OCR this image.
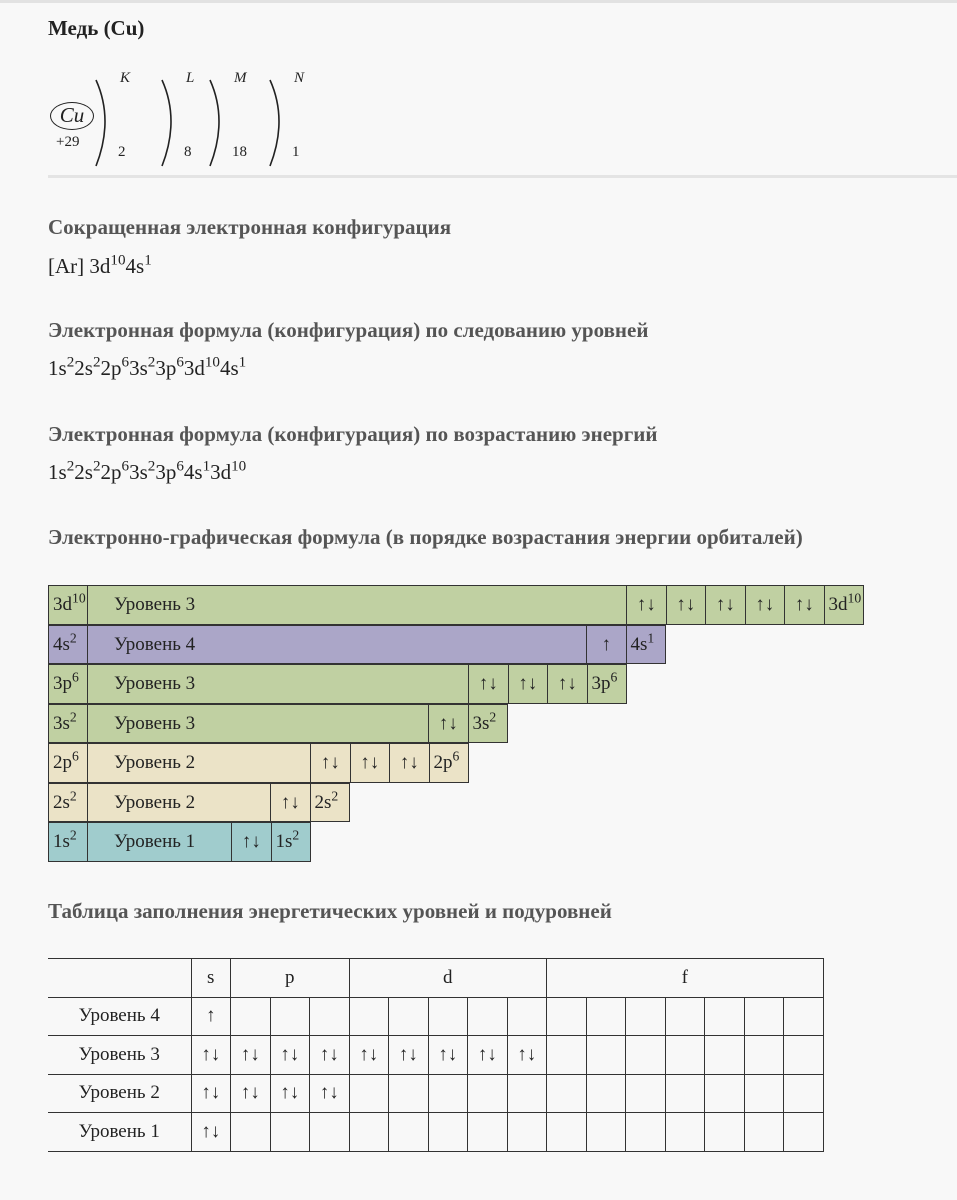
Медь (Cu)
Cu
+29
K
2
L
8
M
18
N
1
Сокращенная электронная конфигурация
[Ar] $3d^{10}4s^1$
Электронная формула (конфигурация) по следованию уровней
$1s^22s^22p^63s^23p^63d^{10}4s^1$
Электронная формула (конфигурация) по возрастанию энергий
$1s^22s^22p^63s^23p^64s^13d^{10}$
Электронно-графическая формула (в порядке возрастания энергии орбиталей)
$3d^{10}$	Уровень 3	↑↓	↑↓	↑↓	↑↓	↑↓ $3d^{10}$
$4s^2$	Уровень 4	↑	$4s^1$
$3p^6$	Уровень 3	↑↓	↑↓	↑↓ $3p^6$
$3s^2$	Уровень 3	↑↓ $3s^2$
$2p^6$	Уровень 2	↑↓	↑↓	↑↓ $2p^6$
$2s^2$	Уровень 2	↑↓ $2s^2$
$1s^2$	Уровень 1	↑↓ $1s^2$
Таблица заполнения энергетических уровней и подуровней
	s	p			d					f						
Уровень 4	↑															
Уровень 3	↑↓	↑↓	↑↓	↑↓	↑↓	↑↓	↑↓	↑↓	↑↓							
Уровень 2	↑↓	↑↓	↑↓	↑↓												
Уровень 1	↑↓															
